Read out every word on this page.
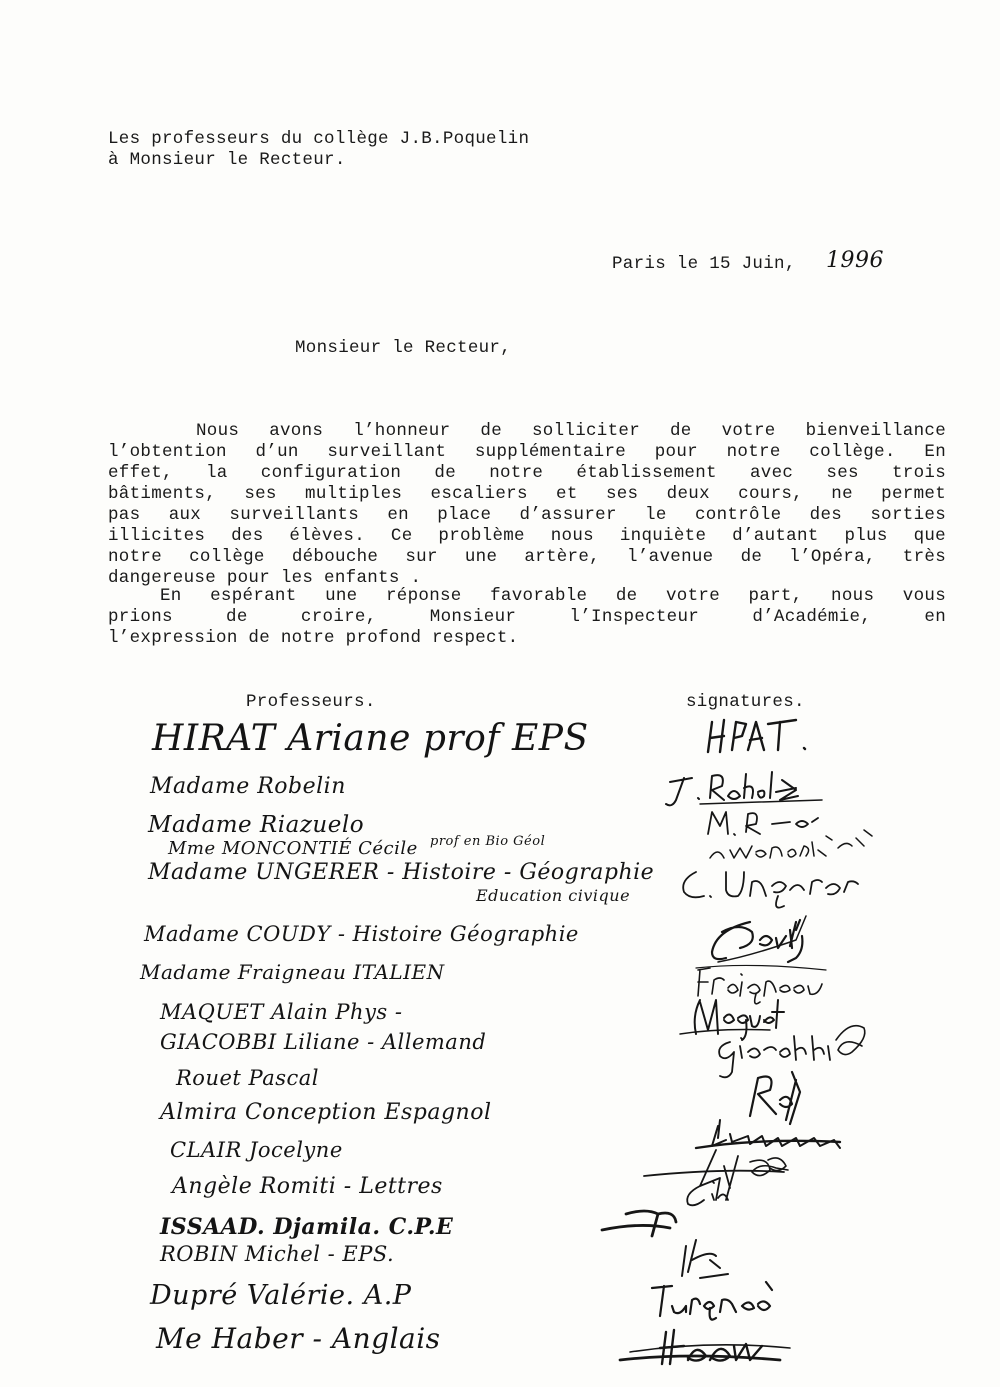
Les professeurs du collège J.B.Poquelin
à Monsieur le Recteur.
Paris le 15 Juin, 1996
Monsieur le Recteur,
Nous avons l’honneur de solliciter de votre bienveillance
l’obtention d’un surveillant supplémentaire pour notre collège. En
effet, la configuration de notre établissement avec ses trois
bâtiments, ses multiples escaliers et ses deux cours, ne permet
pas aux surveillants en place d’assurer le contrôle des sorties
illicites des élèves. Ce problème nous inquiète d’autant plus que
notre collège débouche sur une artère, l’avenue de l’Opéra, très
dangereuse pour les enfants .
En espérant une réponse favorable de votre part, nous vous
prions de croire, Monsieur l’Inspecteur d’Académie, en
l’expression de notre profond respect.
Professeurs.	signatures.
HIRAT Ariane prof EPS
Madame Robelin
Madame Riazuelo
Mme MONCONTIÉ Cécile prof en Bio Géol
Madame UNGERER - Histoire - Géographie
Education civique
Madame COUDY - Histoire Géographie
Madame Fraigneau ITALIEN
MAQUET Alain Phys -
GIACOBBI Liliane - Allemand
Rouet Pascal
Almira Conception Espagnol
CLAIR Jocelyne
Angèle Romiti - Lettres
ISSAAD. Djamila. C.P.E
ROBIN Michel - EPS.
Dupré Valérie. A.P
Me Haber - Anglais
